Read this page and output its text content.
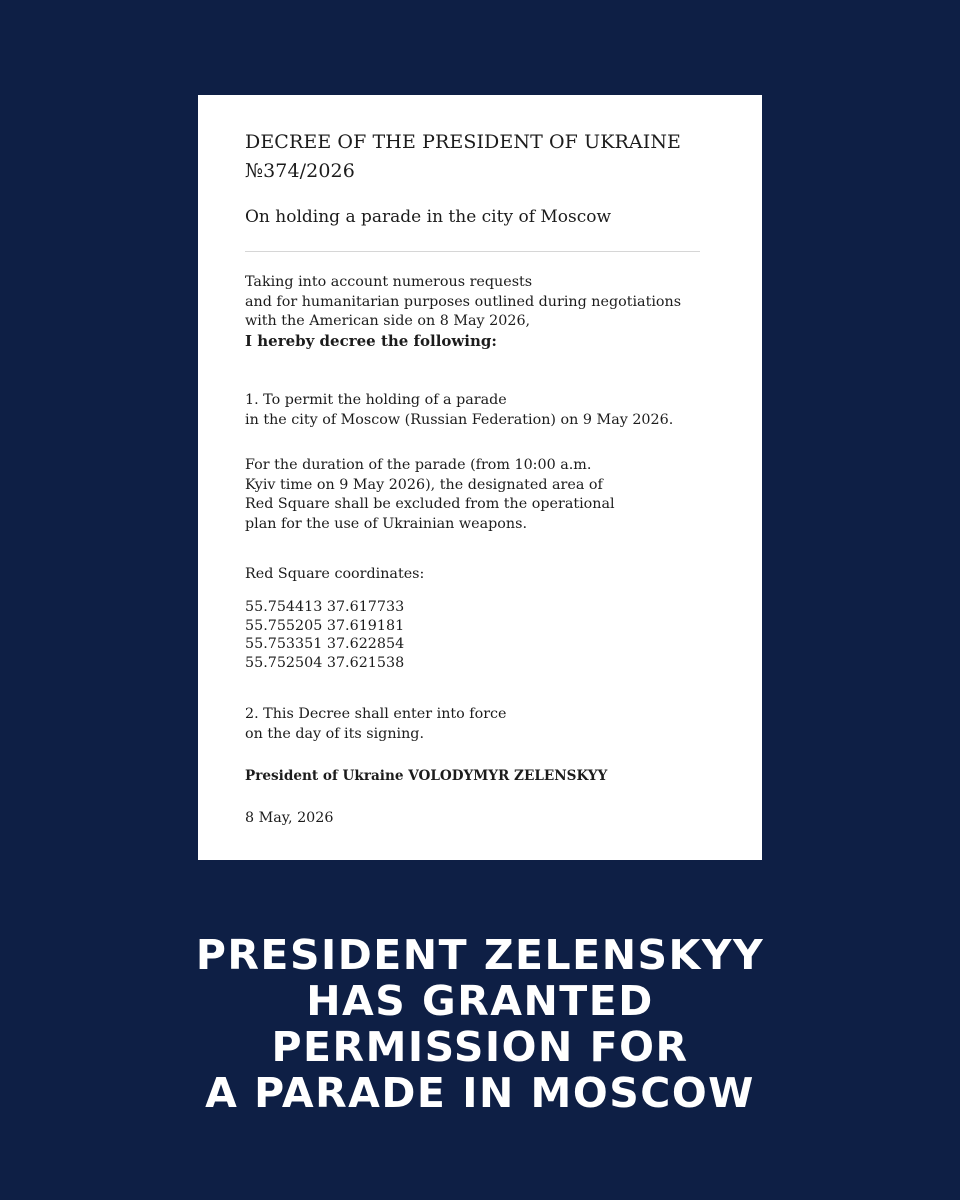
DECREE OF THE PRESIDENT OF UKRAINE
№374/2026
On holding a parade in the city of Moscow

Taking into account numerous requests
and for humanitarian purposes outlined during negotiations
with the American side on 8 May 2026,
I hereby decree the following:

1. To permit the holding of a parade
in the city of Moscow (Russian Federation) on 9 May 2026.

For the duration of the parade (from 10:00 a.m.
Kyiv time on 9 May 2026), the designated area of
Red Square shall be excluded from the operational
plan for the use of Ukrainian weapons.

Red Square coordinates:

55.754413 37.617733
55.755205 37.619181
55.753351 37.622854
55.752504 37.621538

2. This Decree shall enter into force
on the day of its signing.

President of Ukraine VOLODYMYR ZELENSKYY

8 May, 2026

PRESIDENT ZELENSKYY
HAS GRANTED
PERMISSION FOR
A PARADE IN MOSCOW
